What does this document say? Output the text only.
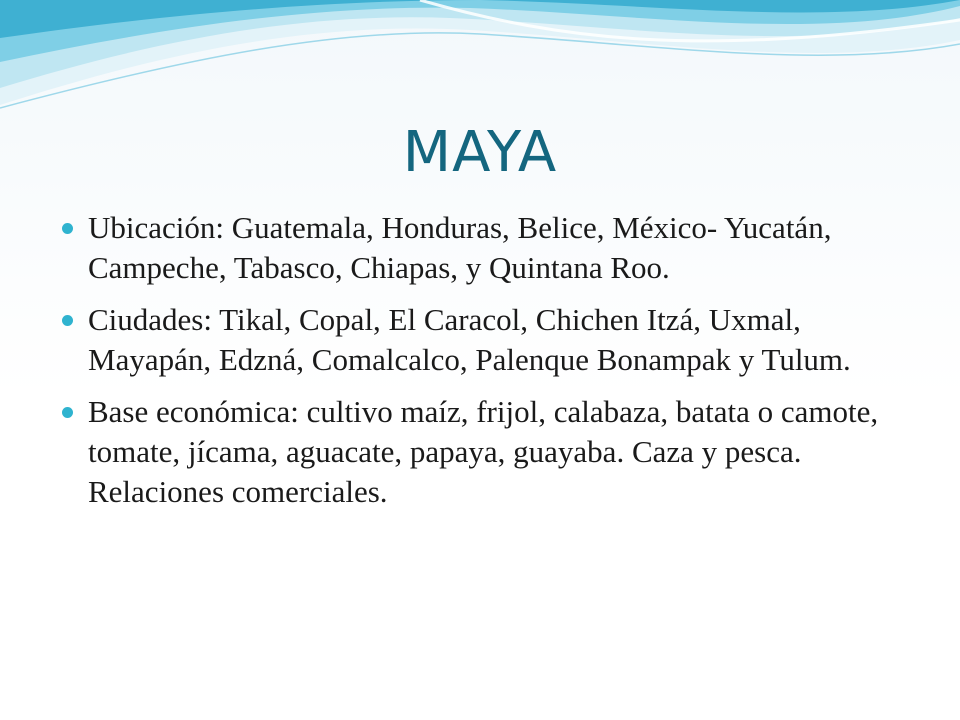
MAYA
Ubicación: Guatemala, Honduras, Belice, México- Yucatán, Campeche, Tabasco, Chiapas, y Quintana Roo.
Ciudades: Tikal, Copal, El Caracol, Chichen Itzá, Uxmal, Mayapán, Edzná, Comalcalco, Palenque Bonampak y Tulum.
Base económica: cultivo maíz, frijol, calabaza, batata o camote, tomate, jícama, aguacate, papaya, guayaba. Caza y pesca. Relaciones comerciales.
